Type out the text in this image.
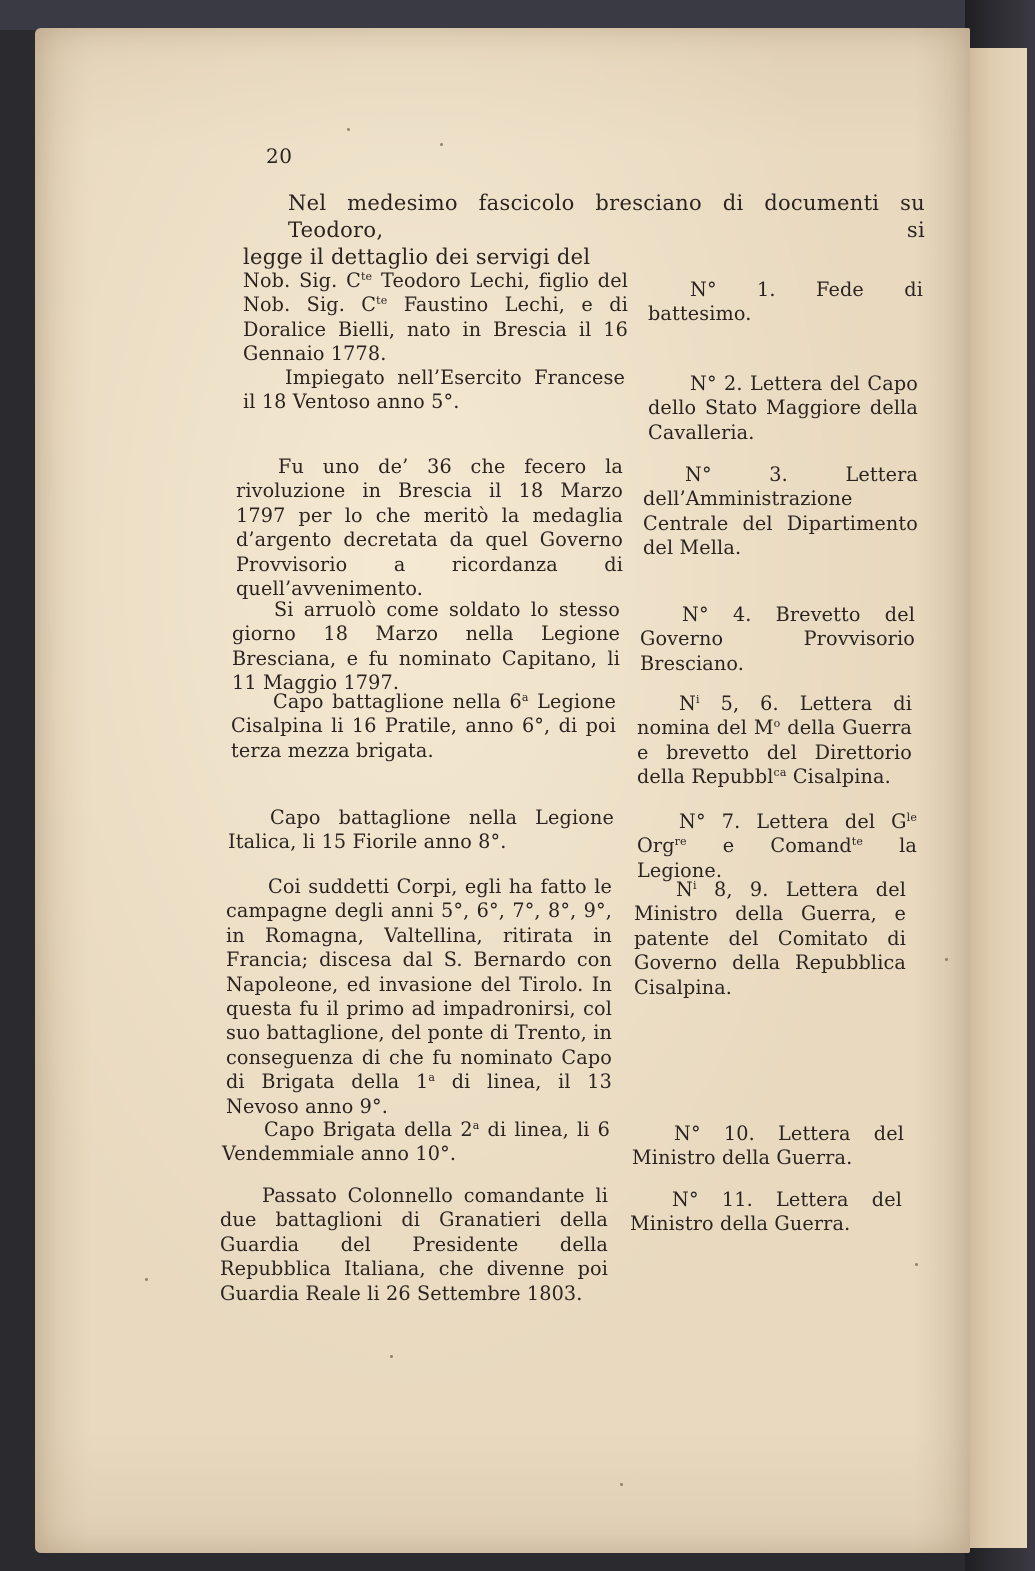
20
Nel medesimo fascicolo bresciano di documenti su Teodoro, si
legge il dettaglio dei servigi del

Nob. Sig. $C^{te}$ Teodoro Lechi, figlio del Nob. Sig. $C^{te}$ Faustino Lechi, e di Doralice Bielli, nato in Brescia il 16 Gennaio 1778.

N° 1. Fede di battesimo.

Impiegato nell’Esercito Francese il 18 Ventoso anno 5°.

N° 2. Lettera del Capo dello Stato Maggiore della Cavalleria.

Fu uno de’ 36 che fecero la rivoluzione in Brescia il 18 Marzo 1797 per lo che meritò la medaglia d’argento decretata da quel Governo Provvisorio a ricordanza di quell’avvenimento.

N° 3. Lettera dell’Amministrazione Centrale del Dipartimento del Mella.

Si arruolò come soldato lo stesso giorno 18 Marzo nella Legione Bresciana, e fu nominato Capitano, li 11 Maggio 1797.

N° 4. Brevetto del Governo Provvisorio Bresciano.

Capo battaglione nella 6$^a$ Legione Cisalpina li 16 Pratile, anno 6°, di poi terza mezza brigata.

$N^i$ 5, 6. Lettera di nomina del $M^o$ della Guerra e brevetto del Direttorio della Repubbl$^{ca}$ Cisalpina.

Capo battaglione nella Legione Italica, li 15 Fiorile anno 8°.

N° 7. Lettera del $G^{le}$ Org$^{re}$ e Comand$^{te}$ la Legione.

Coi suddetti Corpi, egli ha fatto le campagne degli anni 5°, 6°, 7°, 8°, 9°, in Romagna, Valtellina, ritirata in Francia; discesa dal S. Bernardo con Napoleone, ed invasione del Tirolo. In questa fu il primo ad impadronirsi, col suo battaglione, del ponte di Trento, in conseguenza di che fu nominato Capo di Brigata della 1$^a$ di linea, il 13 Nevoso anno 9°.

$N^i$ 8, 9. Lettera del Ministro della Guerra, e patente del Comitato di Governo della Repubblica Cisalpina.

Capo Brigata della 2$^a$ di linea, li 6 Vendemmiale anno 10°.

N° 10. Lettera del Ministro della Guerra.

Passato Colonnello comandante li due battaglioni di Granatieri della Guardia del Presidente della Repubblica Italiana, che divenne poi Guardia Reale li 26 Settembre 1803.

N° 11. Lettera del Ministro della Guerra.
